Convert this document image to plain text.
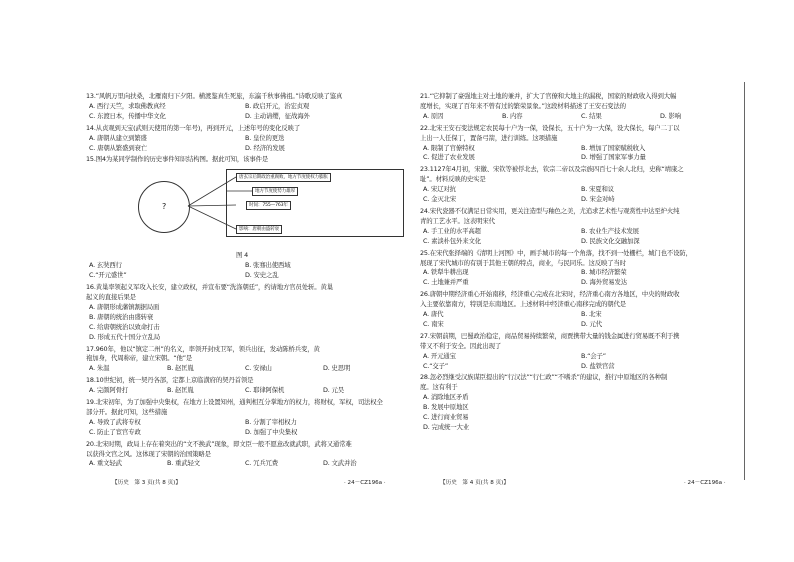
13.“风帆万里向扶桑，北雁南归下夕阳。横渡鉴真生死旅，东瀛千秋事佛祖。”诗歌反映了鉴真
A. 西行天竺，求取佛教真经	B. 政启开元，治宏贞观
C. 东渡日本，传播中华文化	D. 主动请缨，征战海外
14.从贞观到天宝(武则天使用的第一年号)，再到开元，上述年号的变化反映了
A. 唐朝从建立到繁盛	B. 皇位的更迭
C. 唐朝从繁盛到衰亡	D. 经济的发展
15.图4为某同学制作的历史事件知识结构图。据此可知，该事件是
?
唐玄宗后期政治重腐败，地方节度使权力膨胀
地方节度使势力雄厚
时间：755—763年
影响：唐朝由盛转衰
图 4
A. 玄奘西行	B. 张骞出使西域
C.“开元盛世”	D. 安史之乱
16.黄巢率领起义军攻入长安，建立政权，并宣布要“洗涤朝廷”，约请地方官员处斩。黄巢
起义的直接后果是
A. 唐朝形成藩镇割据局面
B. 唐朝的统治由盛转衰
C. 给唐朝统治以致命打击
D. 形成五代十国分立乱局
17.960年，他以“镇定二州”的名义，率领开封戍卫军，领兵出征，发动陈桥兵变，黄
袍加身，代周称帝，建立宋朝。“他”是
A. 朱温	B. 赵匡胤	C. 安禄山	D. 史思明
18.10世纪初，统一契丹各部，定都上京临潢府的契丹首领是
A. 完颜阿骨打	B. 赵匡胤	C. 耶律阿保机	D. 元昊
19.北宋初年，为了加强中央集权，在地方上设置知州，通判相互分掌地方的权力，将财权，军权，司法权全
部分开。据此可知，这些措施
A. 导致了武将专权	B. 分割了宰相权力
C. 防止了宦官专政	D. 加强了中央集权
20.北宋时期，政局上存在着突出的“文不换武”现象，即文臣一般不愿意改就武职，武将又通常难
以获得文官之风。这体现了宋朝的治国策略是
A. 重文轻武	B. 重武轻文	C. 冗兵冗费	D. 文武并治
21.“它抑制了豪强地主对土地的兼并，扩大了官僚和大地主的漏税，国家的财政收入得到大幅
度增长，实现了百年来不曾有过的繁荣景象。”这段材料描述了王安石变法的
A. 原因	B. 内容	C. 结果	D. 影响
22.北宋王安石变法规定农民每十户为一保，设保长，五十户为一大保，设大保长，每户二丁以
上出一人任保丁，置备弓箭，进行训练。这项措施
A. 限制了官僚特权	B. 增加了国家赋税收入
C. 促进了农业发展	D. 增强了国家军事力量
23.1127年4月初，宋徽、宋钦等被俘北去，钦宗二帝以及宗族四百七十余人北归，史称“靖康之
耻”。材料反映的史实是
A. 宋辽对抗	B. 宋夏和议
C. 金灭北宋	D. 宋金对峙
24.宋代瓷器不仅满足日常实用，更关注造型与釉色之美，尤追求艺术性与观赏性中达至炉火纯
青的工艺水平。这表明宋代
A. 手工业的水平高超	B. 农业生产技术发展
C. 素淡朴包外来文化	D. 民族文化交融加深
25.在宋代张择端的《清明上河图》中，画手城市的每一个角落，找不到一处栅栏，城门也不设防，
展现了宋代城市的有别于其他王朝的特点，商业，与民同乐。这反映了当时
A. 铁犁牛耕出现	B. 城市经济繁荣
C. 土地兼并严重	D. 海外贸易发达
26.唐朝中期经济重心开始南移，经济重心完成在北宋时，经济重心南方各地区，中央的财政收
入主要依靠南方，特别是东南地区。上述材料中经济重心南移完成的朝代是
A. 唐代	B. 北宋
C. 南宋	D. 元代
27.宋朝前期，巴蜀政治稳定，商品贸易持续繁荣，商贾携带大量的钱金属进行贸易既不利于携
带又不利于安全。因此出现了
A. 开元通宝	B.“会子”
C.“交子”	D. 盐铁官营
28.忽必烈继受汉族谋臣提出的“行汉法”“行仁政”“不嗜杀”的建议，推行中原地区的各种制
度。这有利于
A. 消除地区矛盾
B. 发展中原地区
C. 进行商业贸易
D. 完成统一大业
【历史　第 3 页(共 8 页)】	· 24－CZ196a ·	【历史　第 4 页(共 8 页)】	· 24－CZ196a ·
